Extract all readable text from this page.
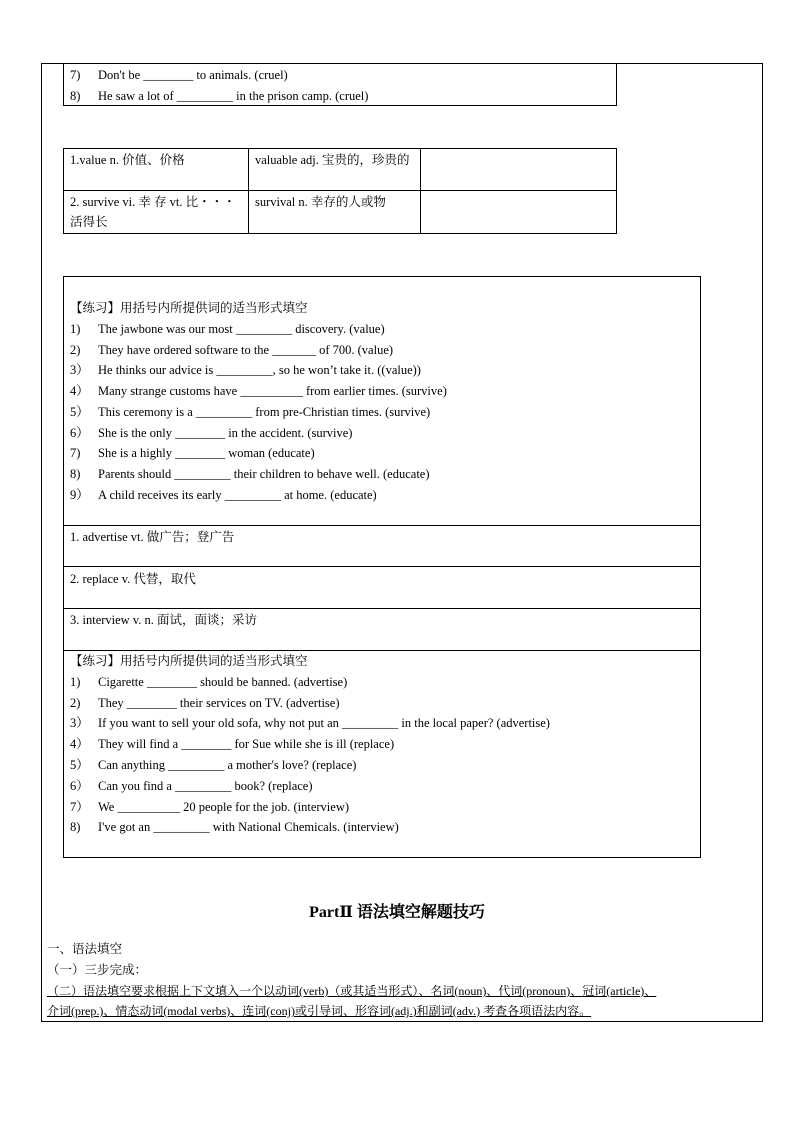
7) Don't be ________ to animals. (cruel)
8) He saw a lot of _________ in the prison camp. (cruel)
1.value n. 价值、价格	valuable adj. 宝贵的，珍贵的
2. survive vi. 幸 存 vt. 比・・・ 活得长
survival n. 幸存的人或物
【练习】用括号内所提供词的适当形式填空
1) The jawbone was our most _________ discovery. (value)
2) They have ordered software to the _______ of 700. (value)
3） He thinks our advice is _________, so he won’t take it. ((value))
4） Many strange customs have __________ from earlier times. (survive)
5） This ceremony is a _________ from pre-Christian times. (survive)
6） She is the only ________ in the accident. (survive)
7) She is a highly ________ woman (educate)
8) Parents should _________ their children to behave well. (educate)
9） A child receives its early _________ at home. (educate)
1. advertise vt. 做广告；登广告
2. replace v. 代替，取代
3. interview v. n. 面试，面谈；采访
【练习】用括号内所提供词的适当形式填空
1) Cigarette ________ should be banned. (advertise)
2) They ________ their services on TV. (advertise)
3） If you want to sell your old sofa, why not put an _________ in the local paper? (advertise)
4） They will find a ________ for Sue while she is ill (replace)
5） Can anything _________ a mother's love? (replace)
6） Can you find a _________ book? (replace)
7） We __________ 20 people for the job. (interview)
8) I've got an _________ with National Chemicals. (interview)
PartⅡ 语法填空解题技巧
一、语法填空
（一）三步完成：
（二）语法填空要求根据上下文填入一个以动词(verb)（或其适当形式）、名词(noun)、代词(pronoun)、冠词(article)、
介词(prep.)、情态动词(modal verbs)、连词(conj)或引导词、形容词(adj.)和副词(adv.) 考查各项语法内容。
